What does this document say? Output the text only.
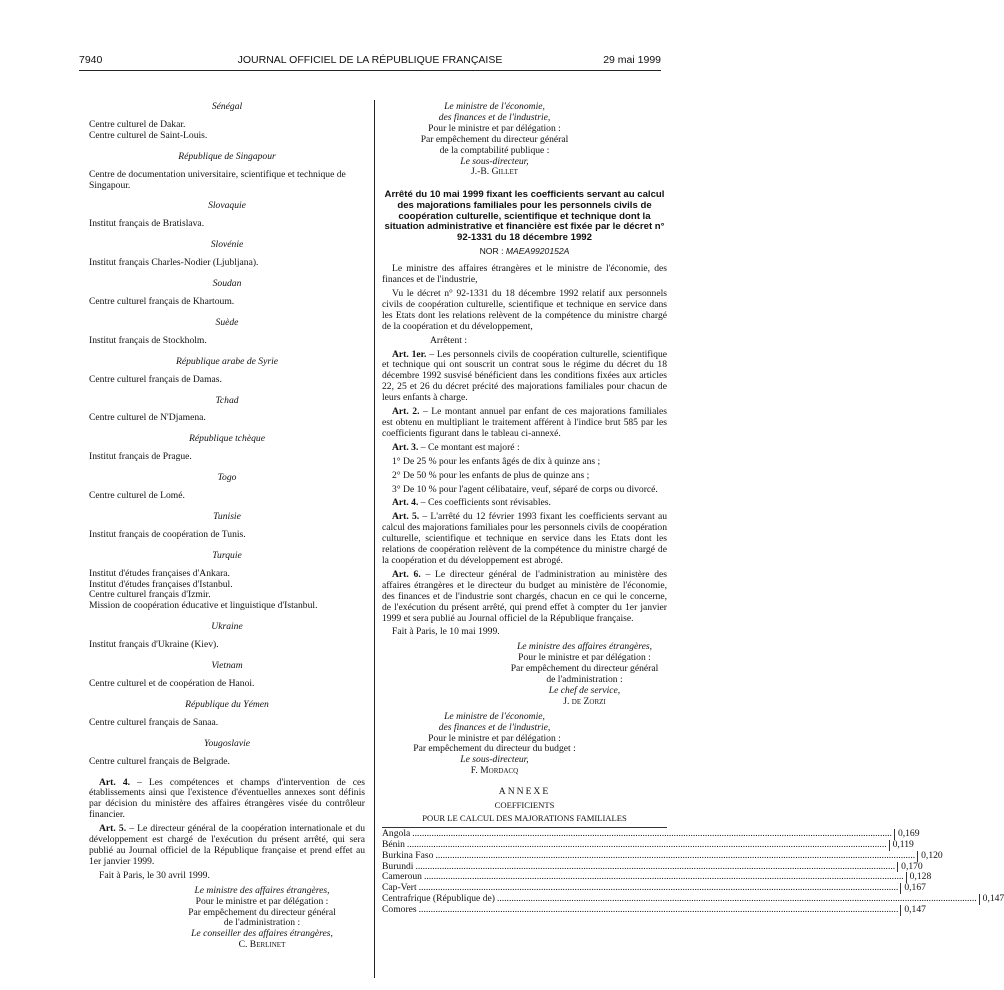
7940	JOURNAL OFFICIEL DE LA RÉPUBLIQUE FRANÇAISE	29 mai 1999

Sénégal

Centre culturel de Dakar.

Centre culturel de Saint-Louis.

République de Singapour

Centre de documentation universitaire, scientifique et technique de Singapour.

Slovaquie

Institut français de Bratislava.

Slovénie

Institut français Charles-Nodier (Ljubljana).

Soudan

Centre culturel français de Khartoum.

Suède

Institut français de Stockholm.

République arabe de Syrie

Centre culturel français de Damas.

Tchad

Centre culturel de N'Djamena.

République tchèque

Institut français de Prague.

Togo

Centre culturel de Lomé.

Tunisie

Institut français de coopération de Tunis.

Turquie

Institut d'études françaises d'Ankara.

Institut d'études françaises d'Istanbul.

Centre culturel français d'Izmir.

Mission de coopération éducative et linguistique d'Istanbul.

Ukraine

Institut français d'Ukraine (Kiev).

Vietnam

Centre culturel et de coopération de Hanoi.

République du Yémen

Centre culturel français de Sanaa.

Yougoslavie

Centre culturel français de Belgrade.

Art. 4. – Les compétences et champs d'intervention de ces établissements ainsi que l'existence d'éventuelles annexes sont définis par décision du ministère des affaires étrangères visée du contrôleur financier.

Art. 5. – Le directeur général de la coopération internationale et du développement est chargé de l'exécution du présent arrêté, qui sera publié au Journal officiel de la République française et prend effet au 1er janvier 1999.

Fait à Paris, le 30 avril 1999.

Le ministre des affaires étrangères,

Pour le ministre et par délégation :

Par empêchement du directeur général

de l'administration :

Le conseiller des affaires étrangères,

C. Berlinet

Le ministre de l'économie,

des finances et de l'industrie,

Pour le ministre et par délégation :

Par empêchement du directeur général

de la comptabilité publique :

Le sous-directeur,

J.-B. Gillet

Arrêté du 10 mai 1999 fixant les coefficients servant au calcul des majorations familiales pour les personnels civils de coopération culturelle, scientifique et technique dont la situation administrative et financière est fixée par le décret n° 92-1331 du 18 décembre 1992
NOR : MAEA9920152A

Le ministre des affaires étrangères et le ministre de l'économie, des finances et de l'industrie,

Vu le décret n° 92-1331 du 18 décembre 1992 relatif aux personnels civils de coopération culturelle, scientifique et technique en service dans les Etats dont les relations relèvent de la compétence du ministre chargé de la coopération et du développement,

Arrêtent :

Art. 1er. – Les personnels civils de coopération culturelle, scientifique et technique qui ont souscrit un contrat sous le régime du décret du 18 décembre 1992 susvisé bénéficient dans les conditions fixées aux articles 22, 25 et 26 du décret précité des majorations familiales pour chacun de leurs enfants à charge.

Art. 2. – Le montant annuel par enfant de ces majorations familiales est obtenu en multipliant le traitement afférent à l'indice brut 585 par les coefficients figurant dans le tableau ci-annexé.

Art. 3. – Ce montant est majoré :

1° De 25 % pour les enfants âgés de dix à quinze ans ;

2° De 50 % pour les enfants de plus de quinze ans ;

3° De 10 % pour l'agent célibataire, veuf, séparé de corps ou divorcé.

Art. 4. – Ces coefficients sont révisables.

Art. 5. – L'arrêté du 12 février 1993 fixant les coefficients servant au calcul des majorations familiales pour les personnels civils de coopération culturelle, scientifique et technique en service dans les Etats dont les relations de coopération relèvent de la compétence du ministre chargé de la coopération et du développement est abrogé.

Art. 6. – Le directeur général de l'administration au ministère des affaires étrangères et le directeur du budget au ministère de l'économie, des finances et de l'industrie sont chargés, chacun en ce qui le concerne, de l'exécution du présent arrêté, qui prend effet à compter du 1er janvier 1999 et sera publié au Journal officiel de la République française.

Fait à Paris, le 10 mai 1999.

Le ministre des affaires étrangères,

Pour le ministre et par délégation :

Par empêchement du directeur général

de l'administration :

Le chef de service,

J. de Zorzi

Le ministre de l'économie,

des finances et de l'industrie,

Pour le ministre et par délégation :

Par empêchement du directeur du budget :

Le sous-directeur,

F. Mordacq

ANNEXE

COEFFICIENTS

POUR LE CALCUL DES MAJORATIONS FAMILIALES

Angola ........................................................................................................................................................................................................ 0,169
Bénin ........................................................................................................................................................................................................ 0,119
Burkina Faso ........................................................................................................................................................................................................ 0,120
Burundi ........................................................................................................................................................................................................ 0,170
Cameroun ........................................................................................................................................................................................................ 0,128
Cap-Vert ........................................................................................................................................................................................................ 0,167
Centrafrique (République de) ........................................................................................................................................................................................................ 0,147
Comores ........................................................................................................................................................................................................ 0,147
